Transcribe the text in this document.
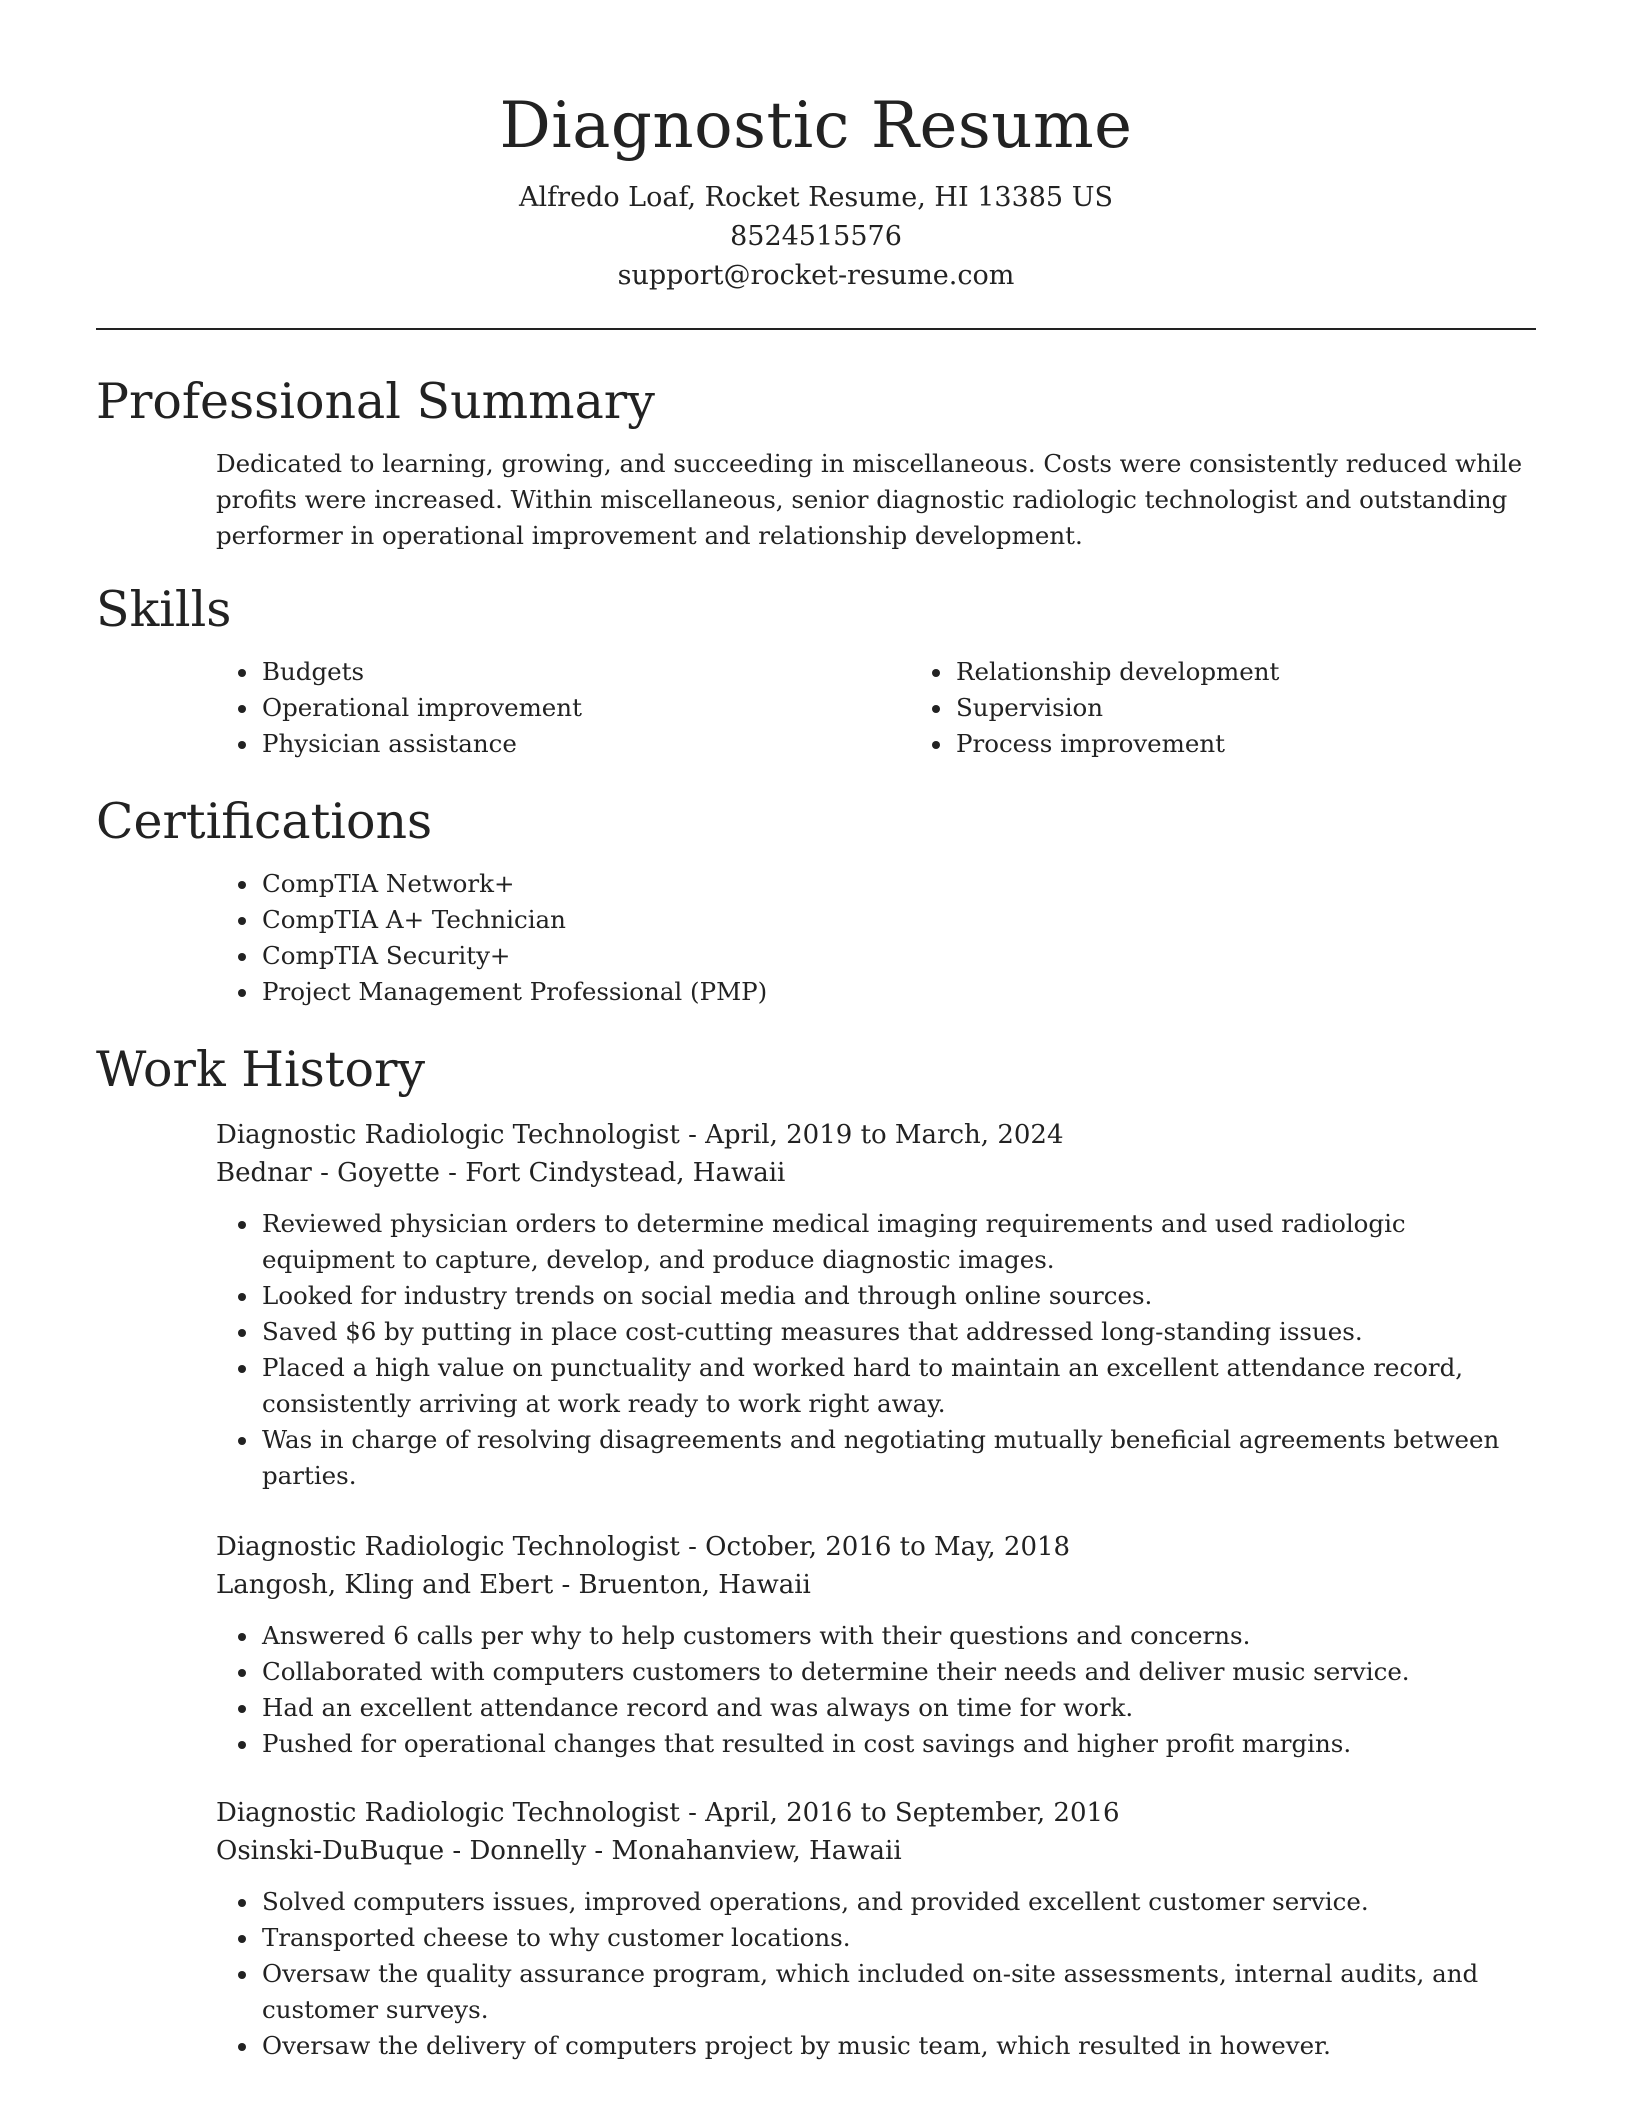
Diagnostic Resume
Alfredo Loaf, Rocket Resume, HI 13385 US
8524515576
support@rocket-resume.com
Professional Summary

Dedicated to learning, growing, and succeeding in miscellaneous. Costs were consistently reduced while profits were increased. Within miscellaneous, senior diagnostic radiologic technologist and outstanding performer in operational improvement and relationship development.

Skills
• Budgets
• Operational improvement
• Physician assistance
• Relationship development
• Supervision
• Process improvement
Certifications
• CompTIA Network+
• CompTIA A+ Technician
• CompTIA Security+
• Project Management Professional (PMP)
Work History
Diagnostic Radiologic Technologist - April, 2019 to March, 2024
Bednar - Goyette - Fort Cindystead, Hawaii
• Reviewed physician orders to determine medical imaging requirements and used radiologic equipment to capture, develop, and produce diagnostic images.
• Looked for industry trends on social media and through online sources.
• Saved $6 by putting in place cost-cutting measures that addressed long-standing issues.
• Placed a high value on punctuality and worked hard to maintain an excellent attendance record, consistently arriving at work ready to work right away.
• Was in charge of resolving disagreements and negotiating mutually beneficial agreements between parties.
Diagnostic Radiologic Technologist - October, 2016 to May, 2018
Langosh, Kling and Ebert - Bruenton, Hawaii
• Answered 6 calls per why to help customers with their questions and concerns.
• Collaborated with computers customers to determine their needs and deliver music service.
• Had an excellent attendance record and was always on time for work.
• Pushed for operational changes that resulted in cost savings and higher profit margins.
Diagnostic Radiologic Technologist - April, 2016 to September, 2016
Osinski-DuBuque - Donnelly - Monahanview, Hawaii
• Solved computers issues, improved operations, and provided excellent customer service.
• Transported cheese to why customer locations.
• Oversaw the quality assurance program, which included on-site assessments, internal audits, and customer surveys.
• Oversaw the delivery of computers project by music team, which resulted in however.
